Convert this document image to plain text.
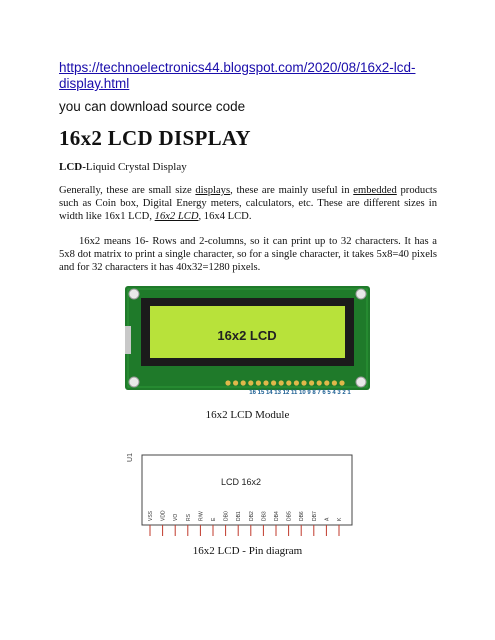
https://technoelectronics44.blogspot.com/2020/08/16x2-lcd-
display.html
you can download source code
16x2 LCD DISPLAY
LCD-Liquid Crystal Display
Generally, these are small size displays, these are mainly useful in embedded products such as Coin box, Digital Energy meters, calculators, etc. These are different sizes in width like 16x1 LCD, 16x2 LCD, 16x4 LCD.
16x2 means 16- Rows and 2-columns, so it can print up to 32 characters. It has a 5x8 dot matrix to print a single character, so for a single character, it takes 5x8=40 pixels and for 32 characters it has 40x32=1280 pixels.
16x2 LCD
16 15 14 13 12 11 10 9 8 7 6 5 4 3 2 1
16x2 LCD Module
U1
LCD 16x2
VSS VDD VO RS R/W E DB0 DB1 DB2 DB3 DB4 DB5 DB6 DB7 A K
16x2 LCD - Pin diagram
